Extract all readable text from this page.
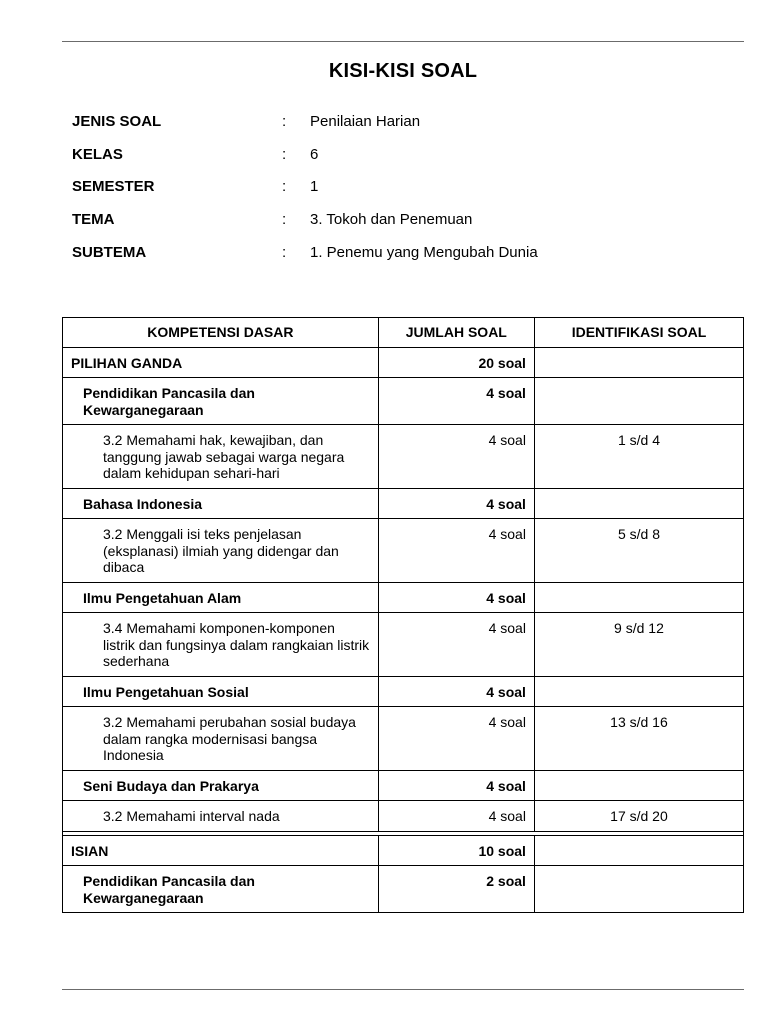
KISI-KISI SOAL
JENIS SOAL	: Penilaian Harian
KELAS	: 6
SEMESTER	: 1
TEMA	: 3. Tokoh dan Penemuan
SUBTEMA	: 1. Penemu yang Mengubah Dunia
KOMPETENSI DASAR	JUMLAH SOAL	IDENTIFIKASI SOAL
PILIHAN GANDA	20 soal	
Pendidikan Pancasila dan Kewarganegaraan	4 soal	
3.2 Memahami hak, kewajiban, dan tanggung jawab sebagai warga negara dalam kehidupan sehari-hari	4 soal	1 s/d 4
Bahasa Indonesia	4 soal	
3.2 Menggali isi teks penjelasan (eksplanasi) ilmiah yang didengar dan dibaca	4 soal	5 s/d 8
Ilmu Pengetahuan Alam	4 soal	
3.4 Memahami komponen-komponen listrik dan fungsinya dalam rangkaian listrik sederhana	4 soal	9 s/d 12
Ilmu Pengetahuan Sosial	4 soal	
3.2 Memahami perubahan sosial budaya dalam rangka modernisasi bangsa Indonesia	4 soal	13 s/d 16
Seni Budaya dan Prakarya	4 soal	
3.2 Memahami interval nada	4 soal	17 s/d 20

ISIAN	10 soal	
Pendidikan Pancasila dan Kewarganegaraan	2 soal	
